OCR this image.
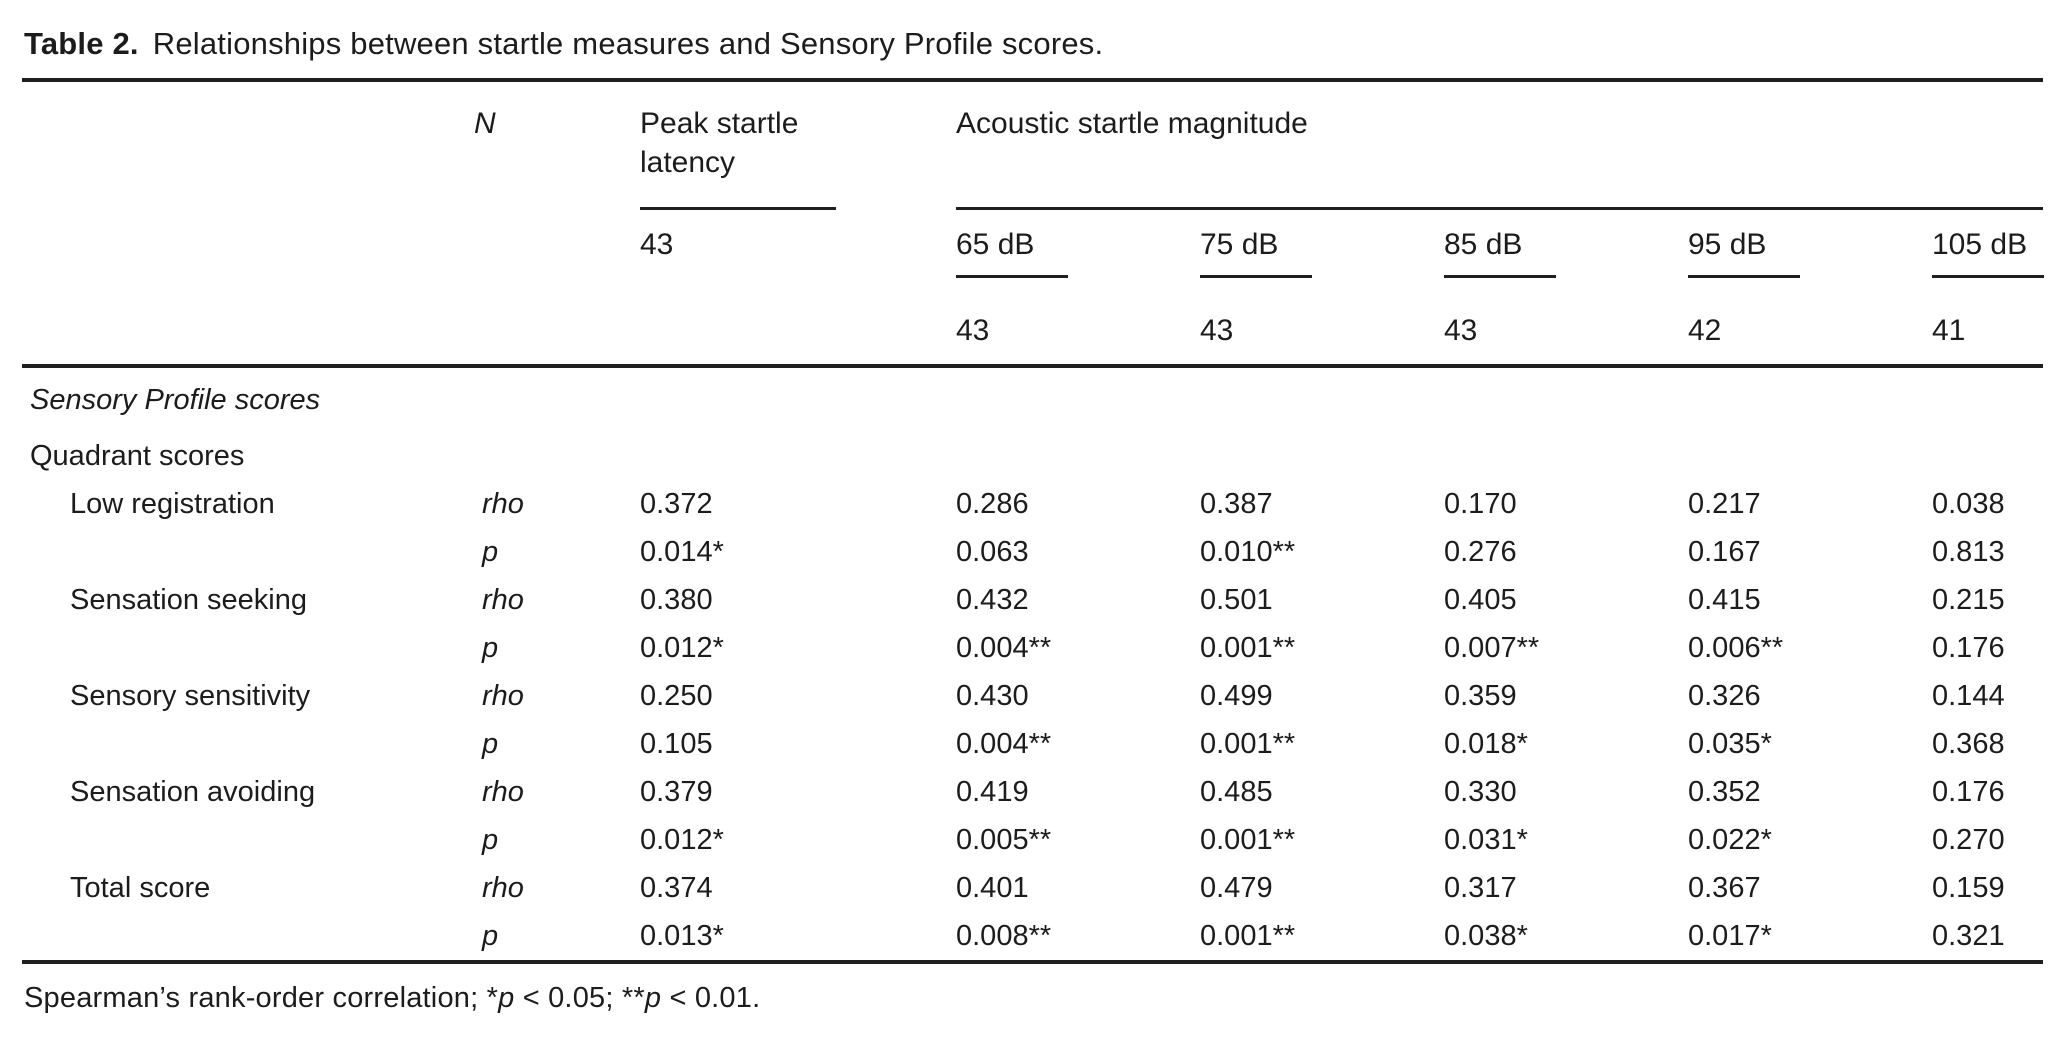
Table 2. Relationships between startle measures and Sensory Profile scores.

	N	Peak startle latency	Acoustic startle magnitude				

		43	65 dB	75 dB	85 dB	95 dB	105 dB
			43	43	43	42	41
Sensory Profile scores							
Quadrant scores							
Low registration	rho	0.372	0.286	0.387	0.170	0.217	0.038
	p	0.014*	0.063	0.010**	0.276	0.167	0.813
Sensation seeking	rho	0.380	0.432	0.501	0.405	0.415	0.215
	p	0.012*	0.004**	0.001**	0.007**	0.006**	0.176
Sensory sensitivity	rho	0.250	0.430	0.499	0.359	0.326	0.144
	p	0.105	0.004**	0.001**	0.018*	0.035*	0.368
Sensation avoiding	rho	0.379	0.419	0.485	0.330	0.352	0.176
	p	0.012*	0.005**	0.001**	0.031*	0.022*	0.270
Total score	rho	0.374	0.401	0.479	0.317	0.367	0.159
	p	0.013*	0.008**	0.001**	0.038*	0.017*	0.321
Spearman’s rank-order correlation; *p < 0.05; **p < 0.01.
